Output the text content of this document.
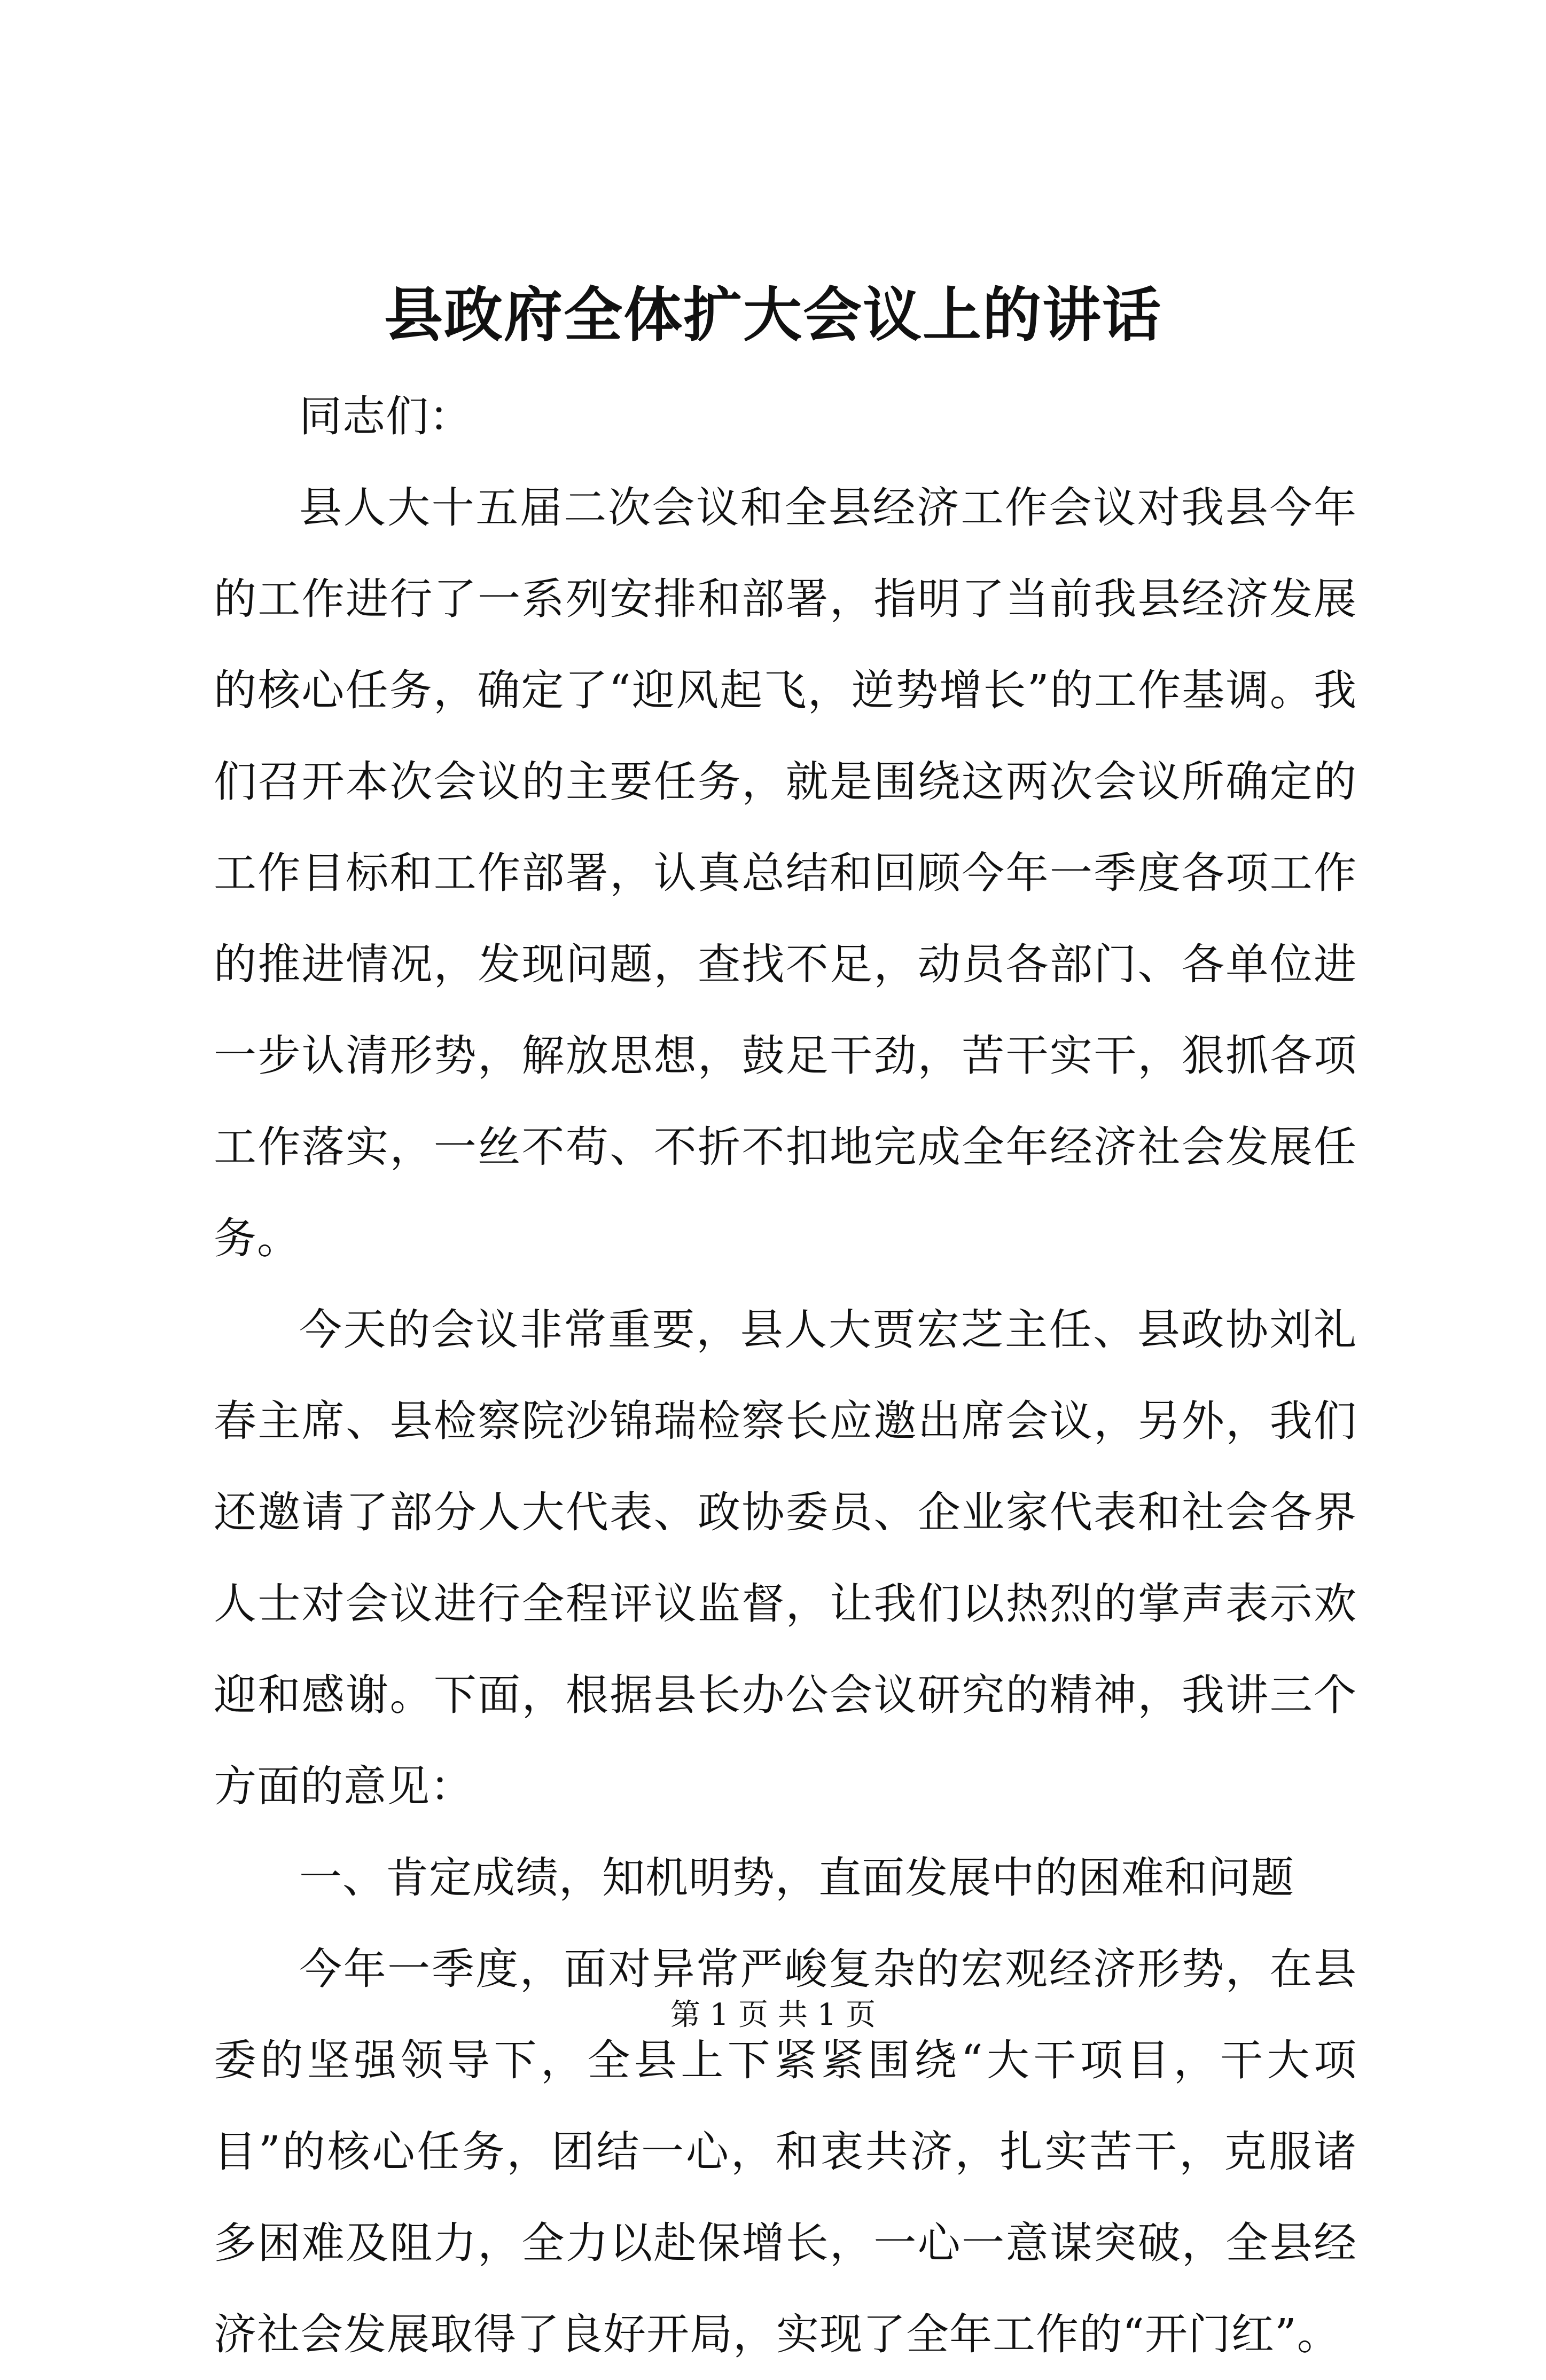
县政府全体扩大会议上的讲话

同志们：

县人大十五届二次会议和全县经济工作会议对我县今年的工作进行了一系列安排和部署，指明了当前我县经济发展的核心任务，确定了“迎风起飞，逆势增长”的工作基调。我们召开本次会议的主要任务，就是围绕这两次会议所确定的工作目标和工作部署，认真总结和回顾今年一季度各项工作的推进情况，发现问题，查找不足，动员各部门、各单位进一步认清形势，解放思想，鼓足干劲，苦干实干，狠抓各项工作落实，一丝不苟、不折不扣地完成全年经济社会发展任务。

今天的会议非常重要，县人大贾宏芝主任、县政协刘礼春主席、县检察院沙锦瑞检察长应邀出席会议，另外，我们还邀请了部分人大代表、政协委员、企业家代表和社会各界人士对会议进行全程评议监督，让我们以热烈的掌声表示欢迎和感谢。下面，根据县长办公会议研究的精神，我讲三个方面的意见：

一、肯定成绩，知机明势，直面发展中的困难和问题

今年一季度，面对异常严峻复杂的宏观经济形势，在县委的坚强领导下，全县上下紧紧围绕“大干项目，干大项目”的核心任务，团结一心，和衷共济，扎实苦干，克服诸多困难及阻力，全力以赴保增长，一心一意谋突破，全县经济社会发展取得了良好开局，实现了全年工作的“开门红”。

第 1 页 共 1 页
